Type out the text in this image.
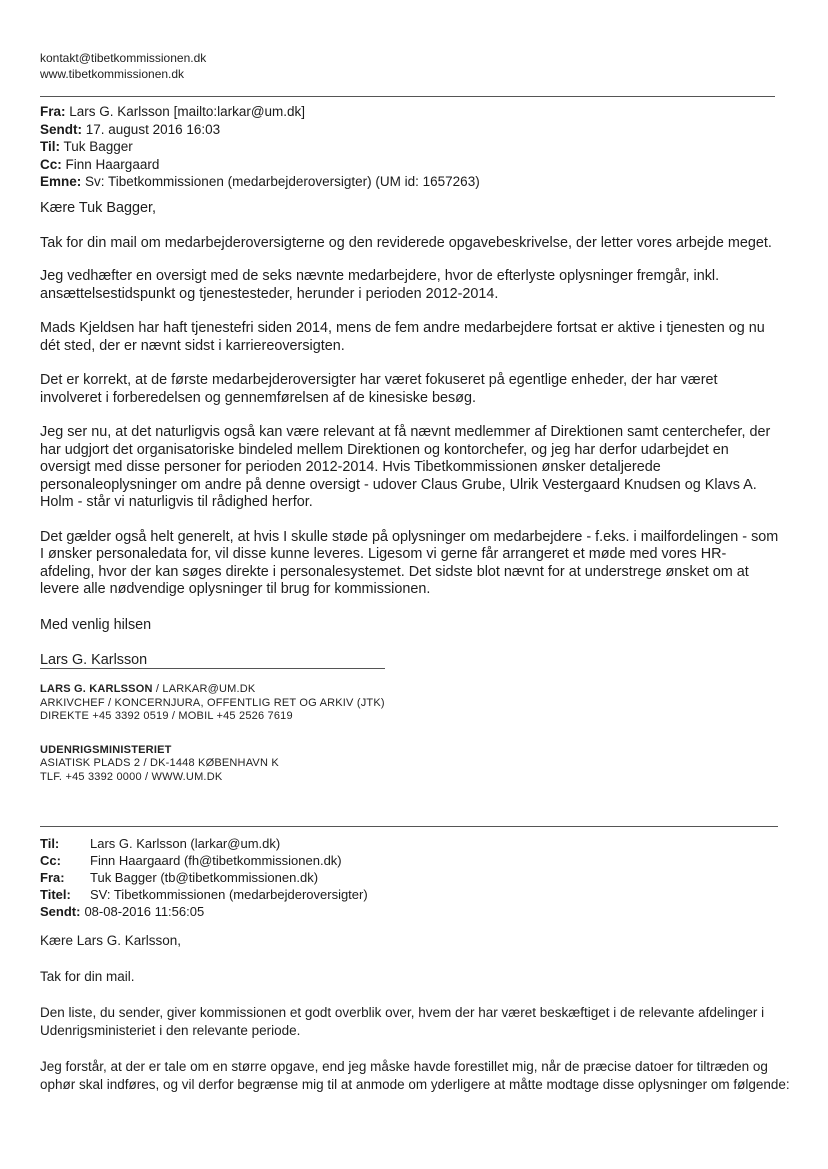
kontakt@tibetkommissionen.dk
www.tibetkommissionen.dk
Fra: Lars G. Karlsson [mailto:larkar@um.dk]
Sendt: 17. august 2016 16:03
Til: Tuk Bagger
Cc: Finn Haargaard
Emne: Sv: Tibetkommissionen (medarbejderoversigter) (UM id: 1657263)

Kære Tuk Bagger,

Tak for din mail om medarbejderoversigterne og den reviderede opgavebeskrivelse, der letter vores arbejde meget.

Jeg vedhæfter en oversigt med de seks nævnte medarbejdere, hvor de efterlyste oplysninger fremgår, inkl. ansættelsestidspunkt og tjenestesteder, herunder i perioden 2012-2014.

Mads Kjeldsen har haft tjenestefri siden 2014, mens de fem andre medarbejdere fortsat er aktive i tjenesten og nu dét sted, der er nævnt sidst i karriereoversigten.

Det er korrekt, at de første medarbejderoversigter har været fokuseret på egentlige enheder, der har været involveret i forberedelsen og gennemførelsen af de kinesiske besøg.

Jeg ser nu, at det naturligvis også kan være relevant at få nævnt medlemmer af Direktionen samt centerchefer, der har udgjort det organisatoriske bindeled mellem Direktionen og kontorchefer, og jeg har derfor udarbejdet en oversigt med disse personer for perioden 2012-2014. Hvis Tibetkommissionen ønsker detaljerede personaleoplysninger om andre på denne oversigt - udover Claus Grube, Ulrik Vestergaard Knudsen og Klavs A. Holm - står vi naturligvis til rådighed herfor.

Det gælder også helt generelt, at hvis I skulle støde på oplysninger om medarbejdere - f.eks. i mailfordelingen - som I ønsker personaledata for, vil disse kunne leveres. Ligesom vi gerne får arrangeret et møde med vores HR-afdeling, hvor der kan søges direkte i personalesystemet. Det sidste blot nævnt for at understrege ønsket om at levere alle nødvendige oplysninger til brug for kommissionen.

Med venlig hilsen

Lars G. Karlsson

LARS G. KARLSSON / LARKAR@UM.DK
ARKIVCHEF / KONCERNJURA, OFFENTLIG RET OG ARKIV (JTK)
DIREKTE +45 3392 0519 / MOBIL +45 2526 7619
UDENRIGSMINISTERIET
ASIATISK PLADS 2 / DK-1448 KØBENHAVN K
TLF. +45 3392 0000 / WWW.UM.DK
Til:	Lars G. Karlsson (larkar@um.dk)
Cc:	Finn Haargaard (fh@tibetkommissionen.dk)
Fra:	Tuk Bagger (tb@tibetkommissionen.dk)
Titel:	SV: Tibetkommissionen (medarbejderoversigter)
Sendt: 08-08-2016 11:56:05

Kære Lars G. Karlsson,

Tak for din mail.

Den liste, du sender, giver kommissionen et godt overblik over, hvem der har været beskæftiget i de relevante afdelinger i Udenrigsministeriet i den relevante periode.

Jeg forstår, at der er tale om en større opgave, end jeg måske havde forestillet mig, når de præcise datoer for tiltræden og ophør skal indføres, og vil derfor begrænse mig til at anmode om yderligere at måtte modtage disse oplysninger om følgende:
